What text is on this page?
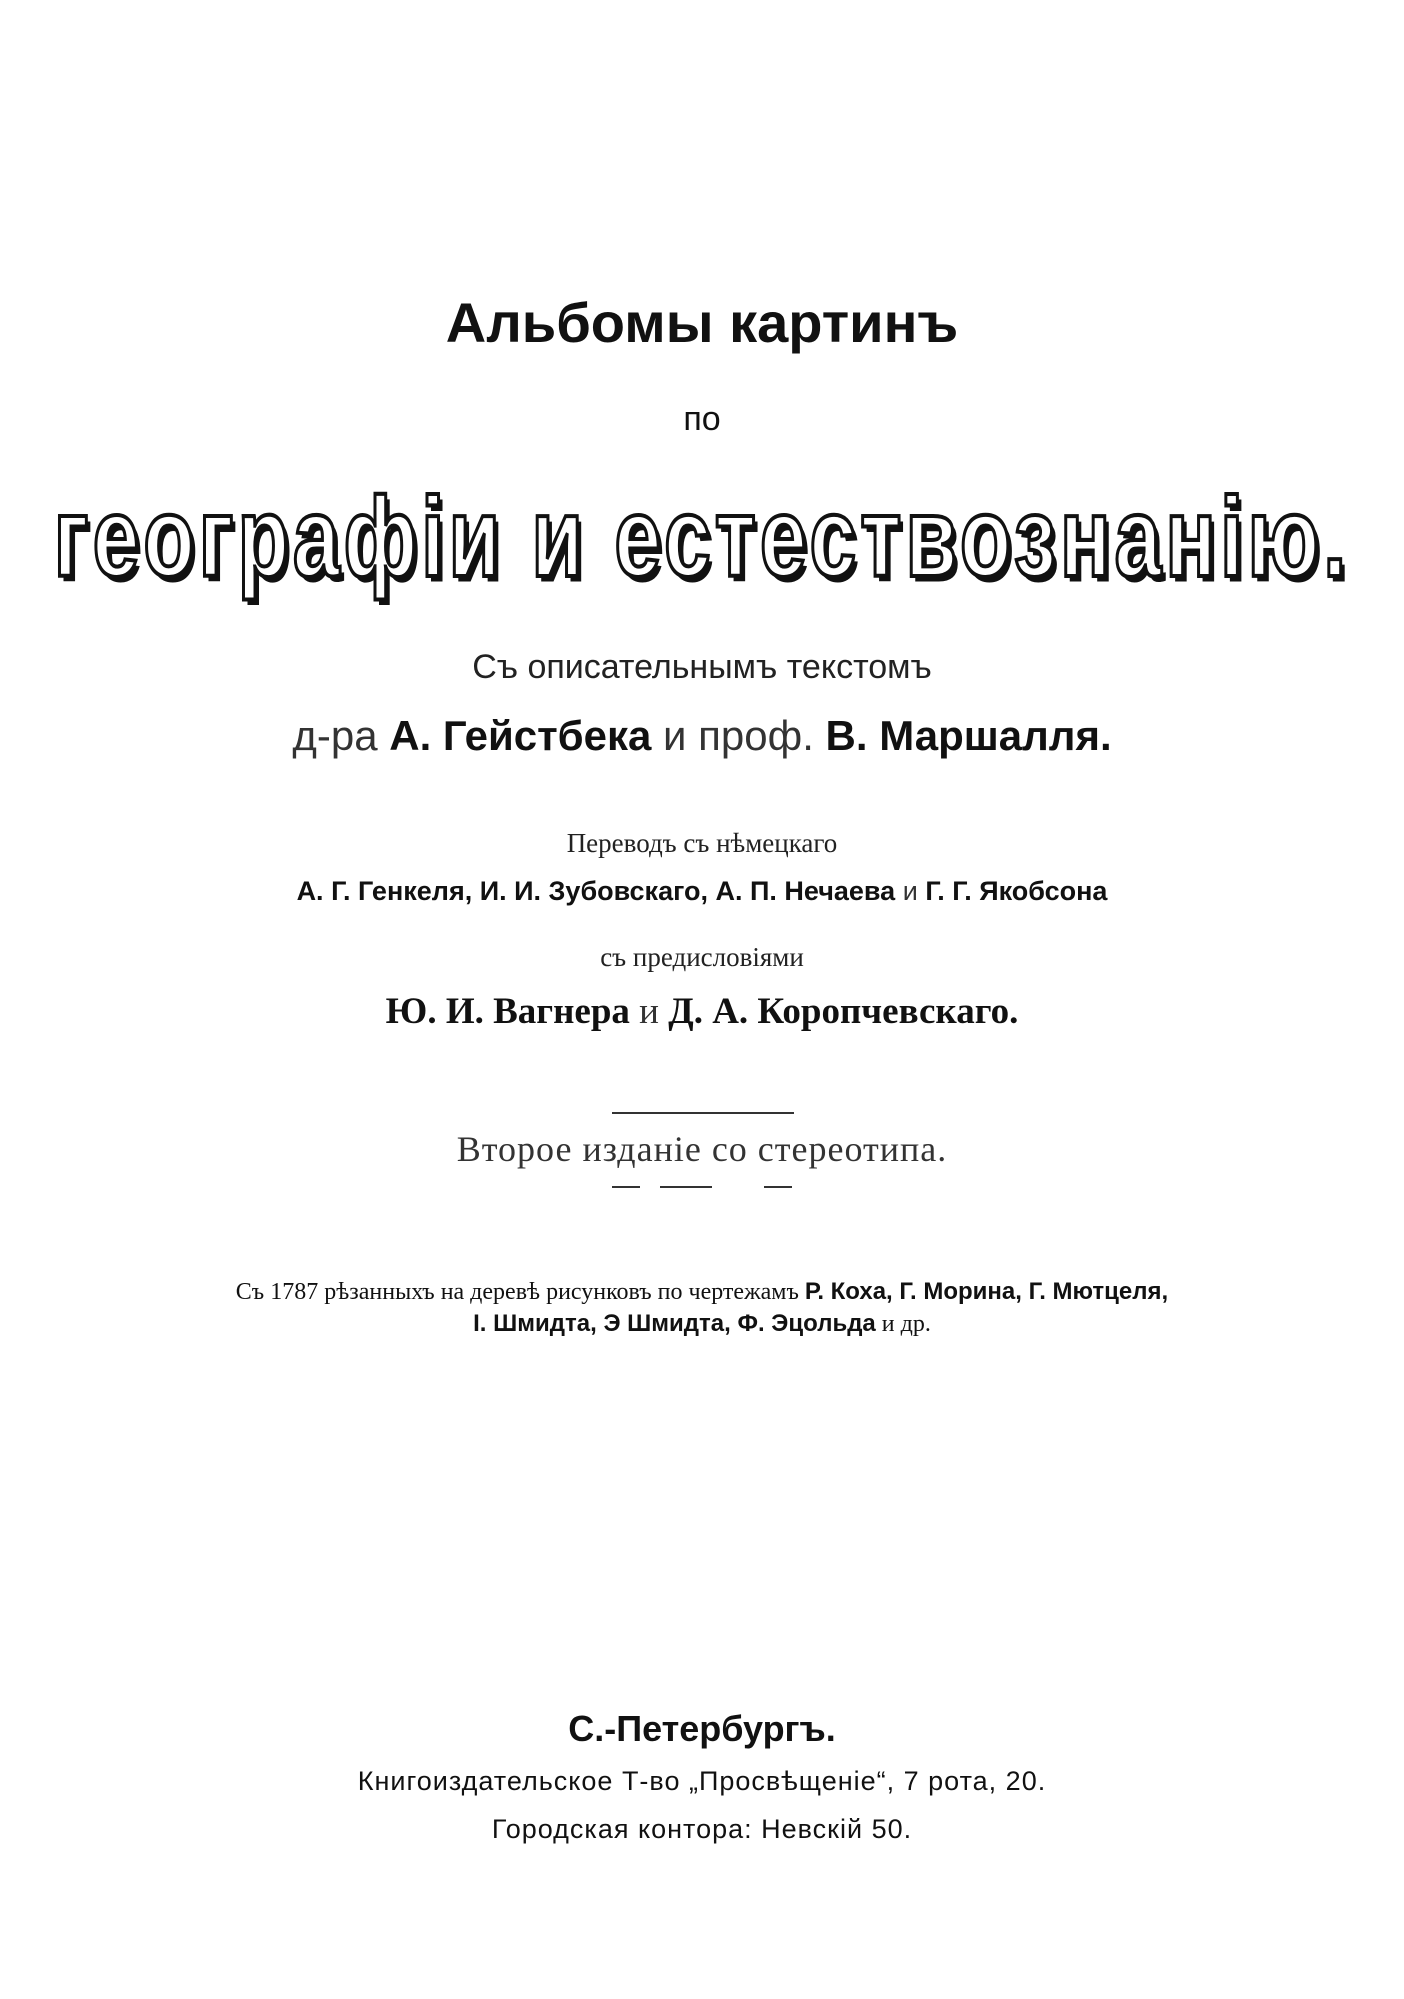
Альбомы картинъ
по
географіи и естествознанію.
Съ описательнымъ текстомъ
д-ра А. Гейстбека и проф. В. Маршалля.
Переводъ съ нѣмецкаго
А. Г. Генкеля, И. И. Зубовскаго, А. П. Нечаева и Г. Г. Якобсона
съ предисловіями
Ю. И. Вагнера и Д. А. Коропчевскаго.
Второе изданіе со стереотипа.
Съ 1787 рѣзанныхъ на деревѣ рисунковъ по чертежамъ Р. Коха, Г. Морина, Г. Мютцеля,
І. Шмидта, Э Шмидта, Ф. Эцольда и др.
С.-Петербургъ.
Книгоиздательское Т-во „Просвѣщеніе“, 7 рота, 20.
Городская контора: Невскій 50.
